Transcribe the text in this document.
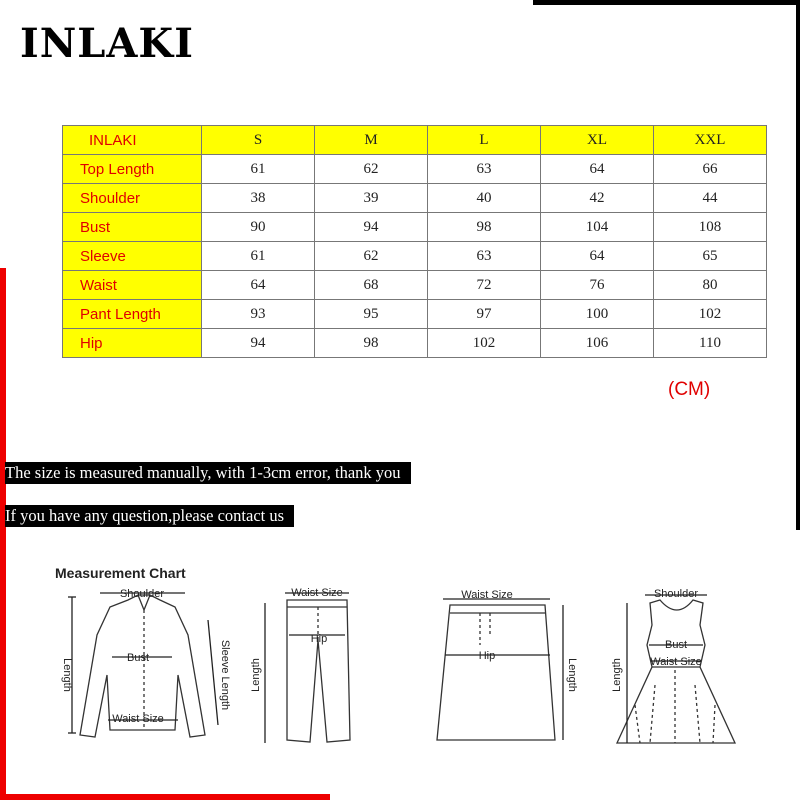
INLAKI
INLAKI	S	M	L	XL	XXL
Top Length	61	62	63	64	66
Shoulder	38	39	40	42	44
Bust	90	94	98	104	108
Sleeve	61	62	63	64	65
Waist	64	68	72	76	80
Pant Length	93	95	97	100	102
Hip	94	98	102	106	110
(CM)
The size is measured manually, with 1-3cm error, thank you
If you have any question,please contact us
Measurement Chart
Shoulder
Bust
Waist Size
Length	Sleeve Length
Waist Size
Hip
Length
Waist Size
Hip
Length
Shoulder
Bust
Waist Size
Length
